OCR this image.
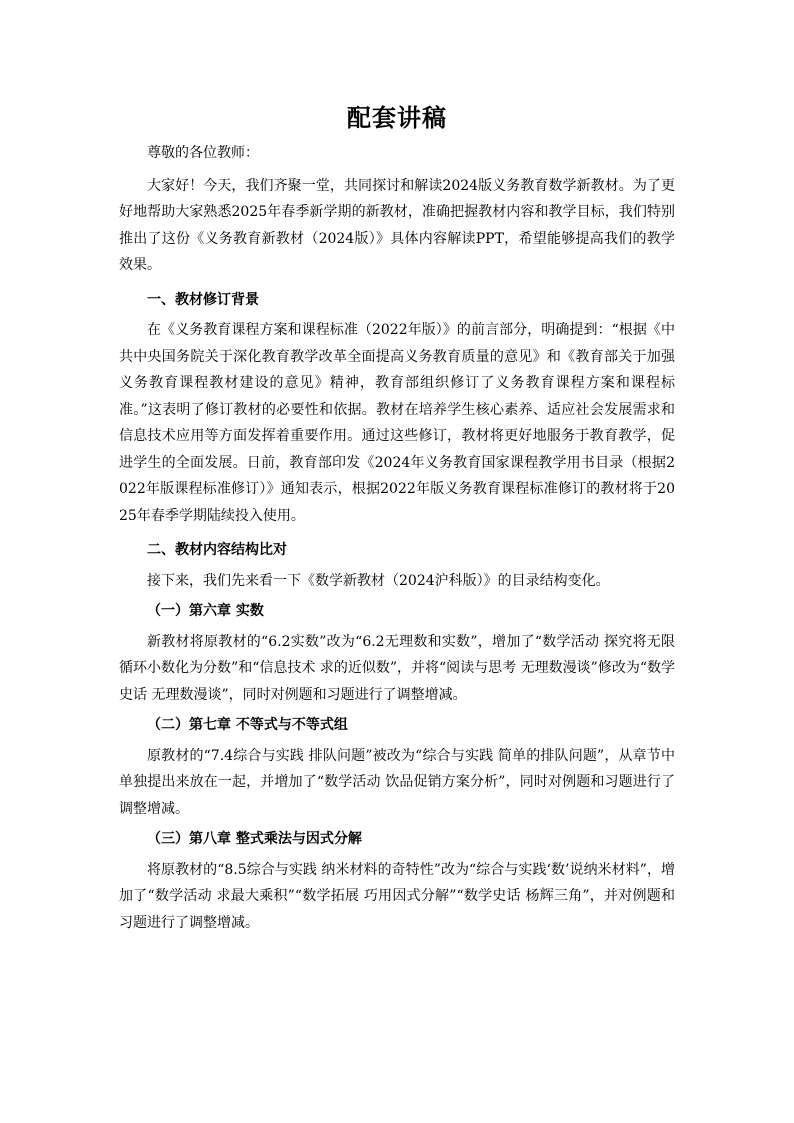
配套讲稿

尊敬的各位教师：

大家好！今天，我们齐聚一堂，共同探讨和解读2024版义务教育数学新教材。为了更好地帮助大家熟悉2025年春季新学期的新教材，准确把握教材内容和教学目标，我们特别推出了这份《义务教育新教材（2024版）》具体内容解读PPT，希望能够提高我们的教学效果。

一、教材修订背景

在《义务教育课程方案和课程标准（2022年版）》的前言部分，明确提到：“根据《中共中央国务院关于深化教育教学改革全面提高义务教育质量的意见》和《教育部关于加强义务教育课程教材建设的意见》精神，教育部组织修订了义务教育课程方案和课程标准。”这表明了修订教材的必要性和依据。教材在培养学生核心素养、适应社会发展需求和信息技术应用等方面发挥着重要作用。通过这些修订，教材将更好地服务于教育教学，促进学生的全面发展。日前，教育部印发《2024年义务教育国家课程教学用书目录（根据2022年版课程标准修订）》通知表示，根据2022年版义务教育课程标准修订的教材将于2025年春季学期陆续投入使用。

二、教材内容结构比对

接下来，我们先来看一下《数学新教材（2024沪科版）》的目录结构变化。

（一）第六章 实数

新教材将原教材的“6.2实数”改为“6.2无理数和实数”，增加了“数学活动 探究将无限循环小数化为分数”和“信息技术 求的近似数”，并将“阅读与思考 无理数漫谈”修改为“数学史话 无理数漫谈”，同时对例题和习题进行了调整增减。

（二）第七章 不等式与不等式组

原教材的“7.4综合与实践 排队问题”被改为“综合与实践 简单的排队问题”，从章节中单独提出来放在一起，并增加了“数学活动 饮品促销方案分析”，同时对例题和习题进行了调整增减。

（三）第八章 整式乘法与因式分解

将原教材的“8.5综合与实践 纳米材料的奇特性”改为“综合与实践‘数’说纳米材料”，增加了“数学活动 求最大乘积”“数学拓展 巧用因式分解”“数学史话 杨辉三角”，并对例题和习题进行了调整增减。
